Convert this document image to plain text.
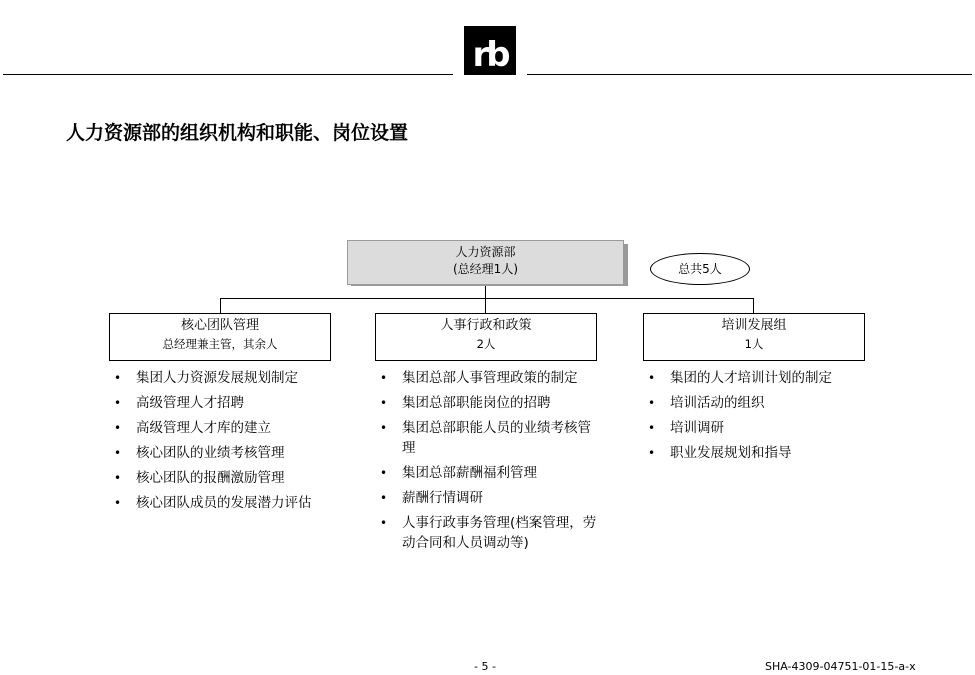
rb
人力资源部的组织机构和职能、岗位设置
人力资源部
(总经理1人)	总共5人
核心团队管理
总经理兼主管，其余人
人事行政和政策
2人
培训发展组
1人
• 集团人力资源发展规划制定
• 高级管理人才招聘
• 高级管理人才库的建立
• 核心团队的业绩考核管理
• 核心团队的报酬激励管理
• 核心团队成员的发展潜力评估
• 集团总部人事管理政策的制定
• 集团总部职能岗位的招聘
• 集团总部职能人员的业绩考核管理
• 集团总部薪酬福利管理
• 薪酬行情调研
• 人事行政事务管理(档案管理，劳动合同和人员调动等)
• 集团的人才培训计划的制定
• 培训活动的组织
• 培训调研
• 职业发展规划和指导
- 5 -	SHA-4309-04751-01-15-a-x
